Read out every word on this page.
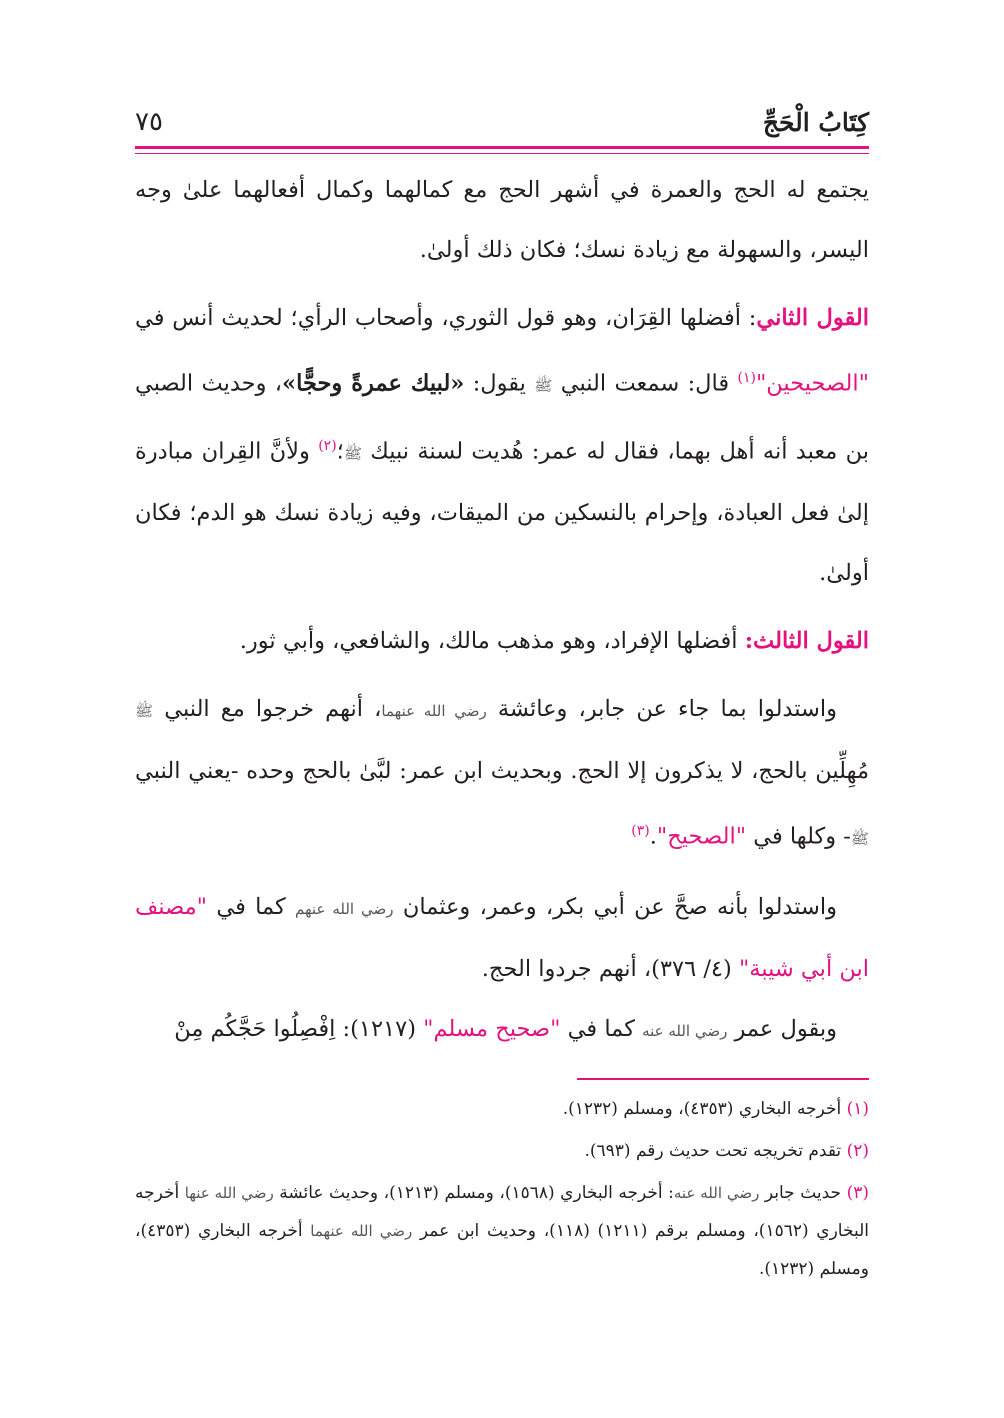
كِتَابُ الْحَجِّ
٧٥

يجتمع له الحج والعمرة في أشهر الحج مع كمالهما وكمال أفعالهما علىٰ وجه اليسر، والسهولة مع زيادة نسك؛ فكان ذلك أولىٰ.

القول الثاني: أفضلها القِرَان، وهو قول الثوري، وأصحاب الرأي؛ لحديث أنس في "الصحيحين"$^{(١)}$ قال: سمعت النبي ﷺ يقول: «لبيك عمرةً وحجًّا»، وحديث الصبي بن معبد أنه أهل بهما، فقال له عمر: هُديت لسنة نبيك ﷺ؛$^{(٢)}$ ولأنَّ القِران مبادرة إلىٰ فعل العبادة، وإحرام بالنسكين من الميقات، وفيه زيادة نسك هو الدم؛ فكان أولىٰ.

القول الثالث: أفضلها الإفراد، وهو مذهب مالك، والشافعي، وأبي ثور.

واستدلوا بما جاء عن جابر، وعائشة رضي الله عنهما، أنهم خرجوا مع النبي ﷺ مُهِلِّين بالحج، لا يذكرون إلا الحج. وبحديث ابن عمر: لبَّىٰ بالحج وحده -يعني النبي ﷺ- وكلها في "الصحيح".$^{(٣)}$

واستدلوا بأنه صحَّ عن أبي بكر، وعمر، وعثمان رضي الله عنهم كما في "مصنف ابن أبي شيبة" (٤/ ٣٧٦)، أنهم جردوا الحج.

وبقول عمر رضي الله عنه كما في "صحيح مسلم" (١٢١٧): اِفْصِلُوا حَجَّكُم مِنْ

(١) أخرجه البخاري (٤٣٥٣)، ومسلم (١٢٣٢).

(٢) تقدم تخريجه تحت حديث رقم (٦٩٣).

(٣) حديث جابر رضي الله عنه: أخرجه البخاري (١٥٦٨)، ومسلم (١٢١٣)، وحديث عائشة رضي الله عنها أخرجه البخاري (١٥٦٢)، ومسلم برقم (١٢١١) (١١٨)، وحديث ابن عمر رضي الله عنهما أخرجه البخاري (٤٣٥٣)، ومسلم (١٢٣٢).
